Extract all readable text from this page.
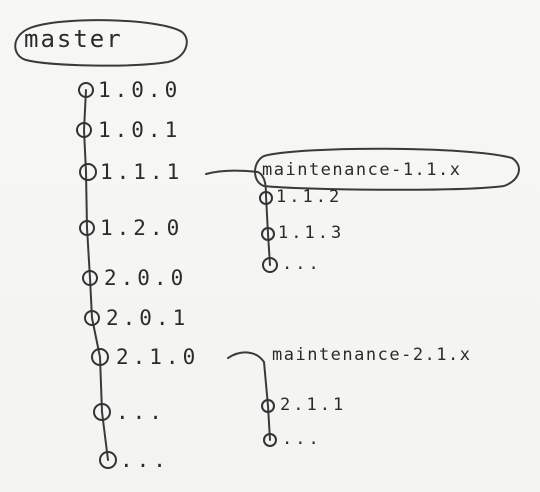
master
1.0.0
1.0.1
1.1.1
1.2.0
2.0.0
2.0.1
2.1.0
...
...
maintenance-1.1.x
1.1.2
1.1.3
...
maintenance-2.1.x
2.1.1
...
